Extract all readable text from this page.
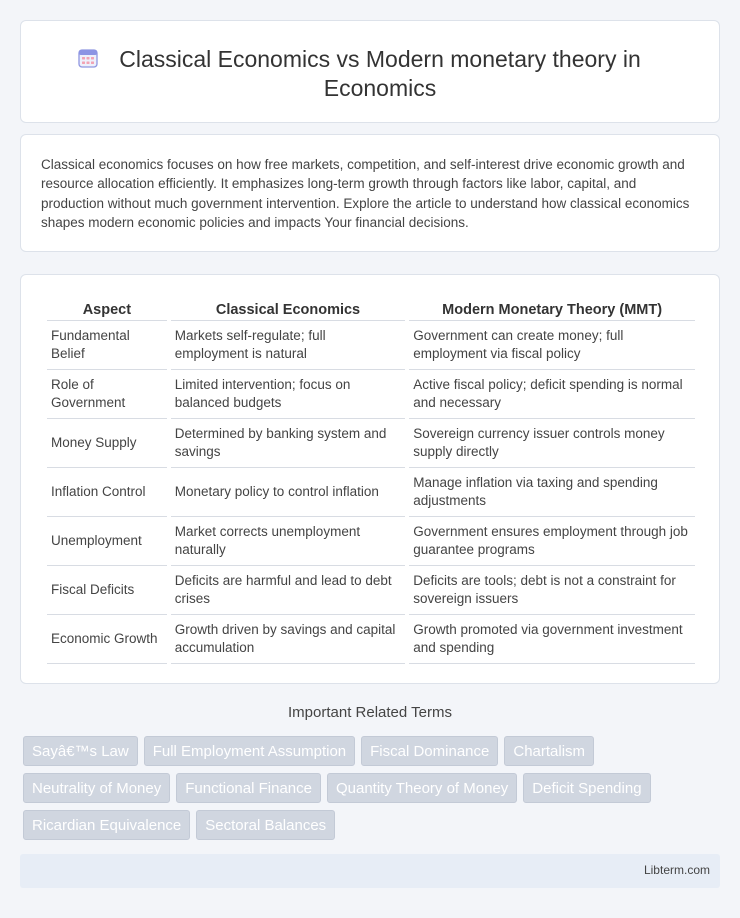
Classical Economics vs Modern monetary theory in Economics

Classical economics focuses on how free markets, competition, and self-interest drive economic growth and resource allocation efficiently. It emphasizes long-term growth through factors like labor, capital, and production without much government intervention. Explore the article to understand how classical economics shapes modern economic policies and impacts Your financial decisions.

Aspect	Classical Economics	Modern Monetary Theory (MMT)
Fundamental Belief	Markets self-regulate; full employment is natural	Government can create money; full employment via fiscal policy
Role of Government	Limited intervention; focus on balanced budgets	Active fiscal policy; deficit spending is normal and necessary
Money Supply	Determined by banking system and savings	Sovereign currency issuer controls money supply directly
Inflation Control	Monetary policy to control inflation	Manage inflation via taxing and spending adjustments
Unemployment	Market corrects unemployment naturally	Government ensures employment through job guarantee programs
Fiscal Deficits	Deficits are harmful and lead to debt crises	Deficits are tools; debt is not a constraint for sovereign issuers
Economic Growth	Growth driven by savings and capital accumulation	Growth promoted via government investment and spending
Important Related Terms
Sayâ€™s Law	Full Employment Assumption	Fiscal Dominance	Chartalism
Neutrality of Money	Functional Finance	Quantity Theory of Money	Deficit Spending
Ricardian Equivalence	Sectoral Balances
Libterm.com
